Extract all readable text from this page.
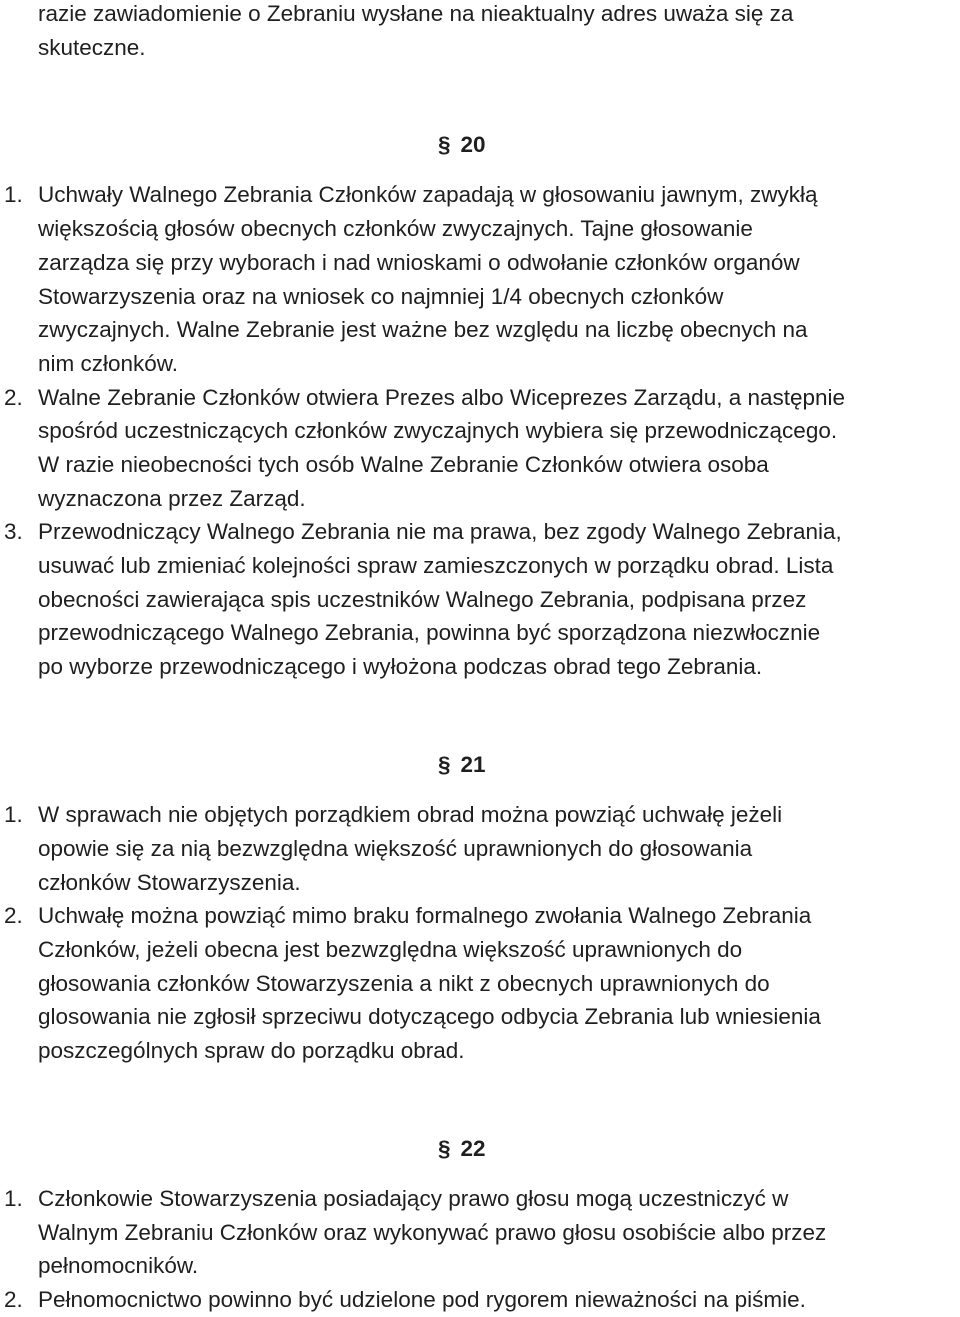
razie zawiadomienie o Zebraniu wysłane na nieaktualny adres uważa się za
skuteczne.
§ 20
1. Uchwały Walnego Zebrania Członków zapadają w głosowaniu jawnym, zwykłą
większością głosów obecnych członków zwyczajnych. Tajne głosowanie
zarządza się przy wyborach i nad wnioskami o odwołanie członków organów
Stowarzyszenia oraz na wniosek co najmniej 1/4 obecnych członków
zwyczajnych. Walne Zebranie jest ważne bez względu na liczbę obecnych na
nim członków.
2. Walne Zebranie Członków otwiera Prezes albo Wiceprezes Zarządu, a następnie
spośród uczestniczących członków zwyczajnych wybiera się przewodniczącego.
W razie nieobecności tych osób Walne Zebranie Członków otwiera osoba
wyznaczona przez Zarząd.
3. Przewodniczący Walnego Zebrania nie ma prawa, bez zgody Walnego Zebrania,
usuwać lub zmieniać kolejności spraw zamieszczonych w porządku obrad. Lista
obecności zawierająca spis uczestników Walnego Zebrania, podpisana przez
przewodniczącego Walnego Zebrania, powinna być sporządzona niezwłocznie
po wyborze przewodniczącego i wyłożona podczas obrad tego Zebrania.
§ 21
1. W sprawach nie objętych porządkiem obrad można powziąć uchwałę jeżeli
opowie się za nią bezwzględna większość uprawnionych do głosowania
członków Stowarzyszenia.
2. Uchwałę można powziąć mimo braku formalnego zwołania Walnego Zebrania
Członków, jeżeli obecna jest bezwzględna większość uprawnionych do
głosowania członków Stowarzyszenia a nikt z obecnych uprawnionych do
glosowania nie zgłosił sprzeciwu dotyczącego odbycia Zebrania lub wniesienia
poszczególnych spraw do porządku obrad.
§ 22
1. Członkowie Stowarzyszenia posiadający prawo głosu mogą uczestniczyć w
Walnym Zebraniu Członków oraz wykonywać prawo głosu osobiście albo przez
pełnomocników.
2. Pełnomocnictwo powinno być udzielone pod rygorem nieważności na piśmie.
